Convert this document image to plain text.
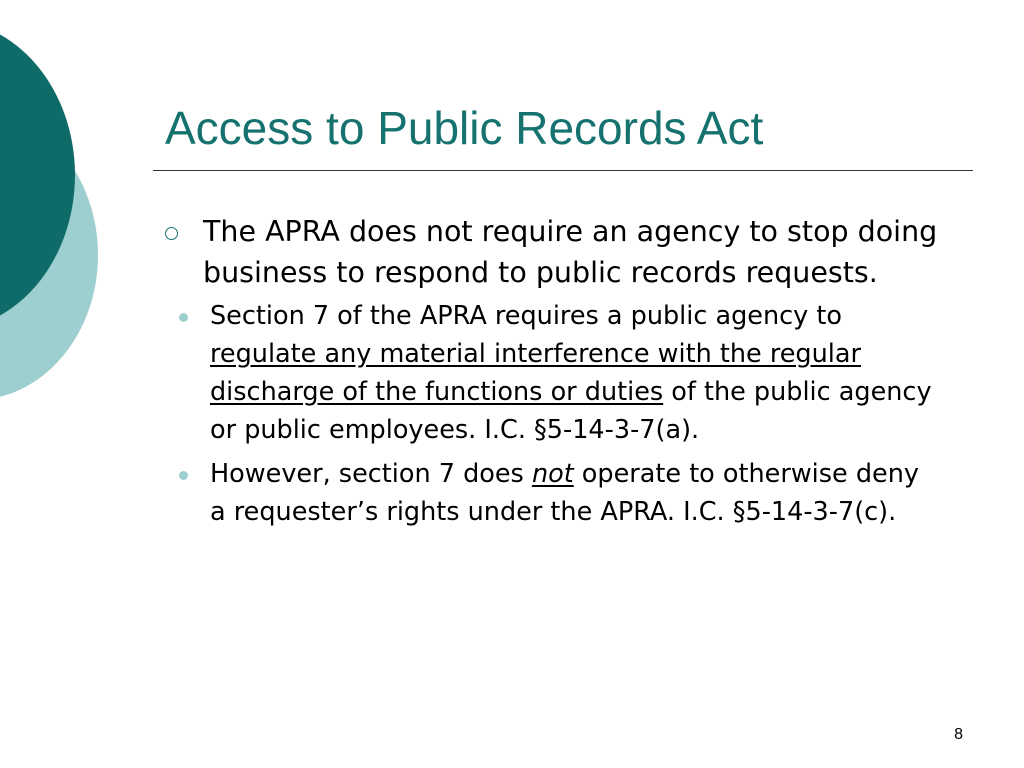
Access to Public Records Act
The APRA does not require an agency to stop doing business to respond to public records requests.
Section 7 of the APRA requires a public agency to regulate any material interference with the regular discharge of the functions or duties of the public agency or public employees. I.C. §5-14-3-7(a).
However, section 7 does not operate to otherwise deny a requester’s rights under the APRA. I.C. §5-14-3-7(c).
8
